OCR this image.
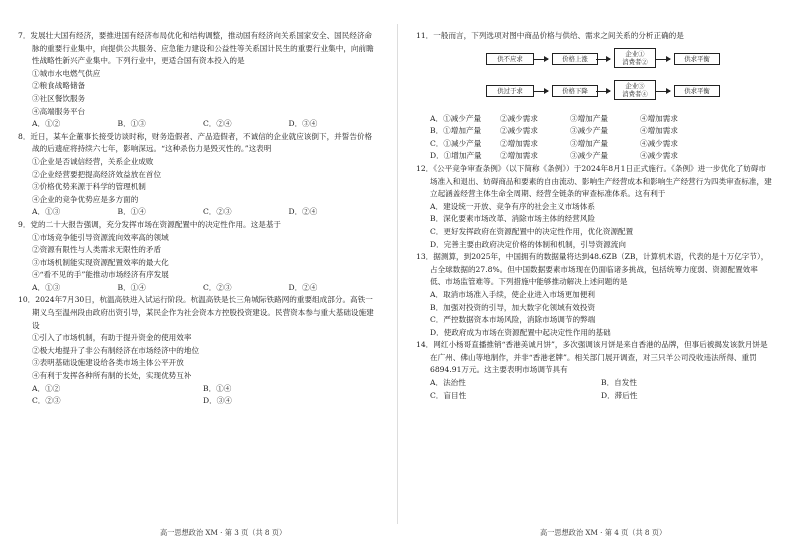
7．发展壮大国有经济，要推进国有经济布局优化和结构调整，推动国有经济向关系国家安全、国民经济命脉的重要行业集中，向提供公共服务、应急能力建设和公益性等关系国计民生的重要行业集中，向前瞻性战略性新兴产业集中。下列行业中，更适合国有资本投入的是
①城市水电燃气供应
②粮食战略储备
③社区餐饮服务
④高端服务平台
A．①②	B．①③	C．②④	D．③④
8．近日，某车企董事长接受访谈时称，财务造假者、产品造假者，不诚信的企业就应该倒下，并誓告价格战的后遗症将持续六七年，影响深远。“这种杀伤力是毁灭性的。”这表明
①企业是否诚信经营，关系企业成败
②企业经营要把提高经济效益放在首位
③价格优势来源于科学的管理机制
④企业的竞争优势应是多方面的
A．①③	B．①④	C．②③	D．②④
9．党的二十大报告强调，充分发挥市场在资源配置中的决定性作用。这是基于
①市场竞争能引导资源流向效率高的领域
②资源有限性与人类需求无限性的矛盾
③市场机制能实现资源配置效率的最大化
④“看不见的手”能推动市场经济有序发展
A．①③	B．①④	C．②③	D．②④
10．2024年7月30日，杭温高铁进入试运行阶段。杭温高铁是长三角城际铁路网的重要组成部分。高铁一期义乌至温州段由政府出资引导，某民企作为社会资本方控股投资建设。民营资本参与重大基础设施建设
①引入了市场机制，有助于提升资金的使用效率
②极大地提升了非公有制经济在市场经济中的地位
③表明基础设施建设给各类市场主体公平开放
④有利于发挥各种所有制的长处，实现优势互补
A．①②	B．①④
C．②③	D．③④
高一思想政治 XM · 第 3 页（共 8 页）
11．一般而言，下列选项对图中商品价格与供给、需求之间关系的分析正确的是
供不应求	价格上涨
企业①
消费者②	供求平衡
供过于求	价格下降
企业③
消费者④	供求平衡
A．①减少产量	②减少需求	③增加产量	④增加需求
B．①增加产量	②减少需求	③减少产量	④增加需求
C．①减少产量	②增加需求	③增加产量	④减少需求
D．①增加产量	②增加需求	③减少产量	④减少需求
12．《公平竞争审查条例》（以下简称《条例》）于2024年8月1日正式施行。《条例》进一步优化了妨碍市场准入和退出、妨碍商品和要素的自由流动、影响生产经营成本和影响生产经营行为四类审查标准，建立起涵盖经营主体生命全周期、经营全链条的审查标准体系。这有利于
A．建设统一开放、竞争有序的社会主义市场体系
B．深化要素市场改革、消除市场主体的经营风险
C．更好发挥政府在资源配置中的决定性作用，优化资源配置
D．完善主要由政府决定价格的体制和机制，引导资源流向
13．据测算，到2025年，中国拥有的数据量将达到48.6ZB（ZB，计算机术语，代表的是十万亿字节），占全球数据的27.8%。但中国数据要素市场现在仍面临诸多挑战，包括统筹力度弱、资源配置效率低、市场监管难等。下列措施中能够推动解决上述问题的是
A．取消市场准入手续，使企业进入市场更加便利
B．加强对投资的引导，加大数字化领域有效投资
C．严控数据资本市场风险，消除市场调节的弊端
D．使政府成为市场在资源配置中起决定性作用的基础
14．网红小杨哥直播推销“香港美诚月饼”，多次强调该月饼是来自香港的品牌，但事后被揭发该款月饼是在广州、佛山等地制作，并非“香港老牌”。相关部门展开调查，对三只羊公司没收违法所得、重罚6894.91万元。这主要表明市场调节具有
A．法治性	B．自发性
C．盲目性	D．滞后性
高一思想政治 XM · 第 4 页（共 8 页）
